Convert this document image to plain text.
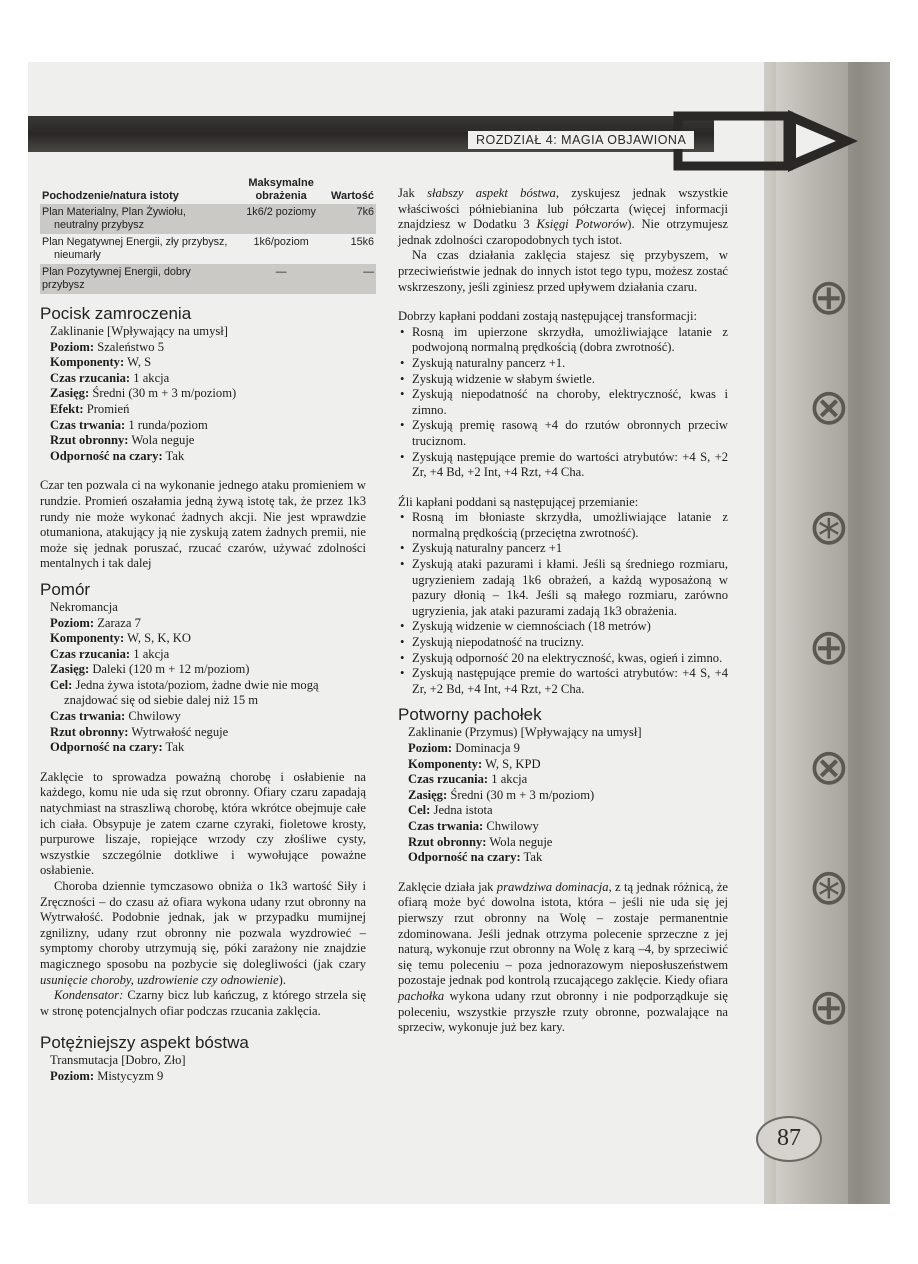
⊕
⊗
⊛
⊕
⊗
⊛
⊕
ROZDZIAŁ 4: MAGIA OBJAWIONA
Pochodzenie/natura istoty	Maksymalne obrażenia	Wartość
Plan Materialny, Plan Żywiołu,
neutralny przybysz	1k6/2 poziomy	7k6
Plan Negatywnej Energii, zły przybysz,
nieumarły	1k6/poziom	15k6
Plan Pozytywnej Energii, dobry przybysz	—	—
Pocisk zamroczenia
Zaklinanie [Wpływający na umysł]
Poziom: Szaleństwo 5
Komponenty: W, S
Czas rzucania: 1 akcja
Zasięg: Średni (30 m + 3 m/poziom)
Efekt: Promień
Czas trwania: 1 runda/poziom
Rzut obronny: Wola neguje
Odporność na czary: Tak

Czar ten pozwala ci na wykonanie jednego ataku promieniem w rundzie. Promień oszałamia jedną żywą istotę tak, że przez 1k3 rundy nie może wykonać żadnych akcji. Nie jest wprawdzie otumaniona, atakujący ją nie zyskują zatem żadnych premii, nie może się jednak poruszać, rzucać czarów, używać zdolności mentalnych i tak dalej

Pomór
Nekromancja
Poziom: Zaraza 7
Komponenty: W, S, K, KO
Czas rzucania: 1 akcja
Zasięg: Daleki (120 m + 12 m/poziom)
Cel: Jedna żywa istota/poziom, żadne dwie nie mogą znajdować się od siebie dalej niż 15 m
Czas trwania: Chwilowy
Rzut obronny: Wytrwałość neguje
Odporność na czary: Tak

Zaklęcie to sprowadza poważną chorobę i osłabienie na każdego, komu nie uda się rzut obronny. Ofiary czaru zapadają natychmiast na straszliwą chorobę, która wkrótce obejmuje całe ich ciała. Obsypuje je zatem czarne czyraki, fioletowe krosty, purpurowe liszaje, ropiejące wrzody czy złośliwe cysty, wszystkie szczególnie dotkliwe i wywołujące poważne osłabienie.

Choroba dziennie tymczasowo obniża o 1k3 wartość Siły i Zręczności – do czasu aż ofiara wykona udany rzut obronny na Wytrwałość. Podobnie jednak, jak w przypadku mumijnej zgnilizny, udany rzut obronny nie pozwala wyzdrowieć – symptomy choroby utrzymują się, póki zarażony nie znajdzie magicznego sposobu na pozbycie się dolegliwości (jak czary usunięcie choroby, uzdrowienie czy odnowienie).

Kondensator: Czarny bicz lub kańczug, z którego strzela się w stronę potencjalnych ofiar podczas rzucania zaklęcia.

Potężniejszy aspekt bóstwa
Transmutacja [Dobro, Zło]
Poziom: Mistycyzm 9

Jak słabszy aspekt bóstwa, zyskujesz jednak wszystkie właściwości półniebianina lub półczarta (więcej informacji znajdziesz w Dodatku 3 Księgi Potworów). Nie otrzymujesz jednak zdolności czaropodobnych tych istot.

Na czas działania zaklęcia stajesz się przybyszem, w przeciwieństwie jednak do innych istot tego typu, możesz zostać wskrzeszony, jeśli zginiesz przed upływem działania czaru.

Dobrzy kapłani poddani zostają następującej transformacji:

• Rosną im upierzone skrzydła, umożliwiające latanie z podwojoną normalną prędkością (dobra zwrotność).
• Zyskują naturalny pancerz +1.
• Zyskują widzenie w słabym świetle.
• Zyskują niepodatność na choroby, elektryczność, kwas i zimno.
• Zyskują premię rasową +4 do rzutów obronnych przeciw truciznom.
• Zyskują następujące premie do wartości atrybutów: +4 S, +2 Zr, +4 Bd, +2 Int, +4 Rzt, +4 Cha.

Źli kapłani poddani są następującej przemianie:

• Rosną im błoniaste skrzydła, umożliwiające latanie z normalną prędkością (przeciętna zwrotność).
• Zyskują naturalny pancerz +1
• Zyskują ataki pazurami i kłami. Jeśli są średniego rozmiaru, ugryzieniem zadają 1k6 obrażeń, a każdą wyposażoną w pazury dłonią – 1k4. Jeśli są małego rozmiaru, zarówno ugryzienia, jak ataki pazurami zadają 1k3 obrażenia.
• Zyskują widzenie w ciemnościach (18 metrów)
• Zyskują niepodatność na trucizny.
• Zyskują odporność 20 na elektryczność, kwas, ogień i zimno.
• Zyskują następujące premie do wartości atrybutów: +4 S, +4 Zr, +2 Bd, +4 Int, +4 Rzt, +2 Cha.
Potworny pachołek
Zaklinanie (Przymus) [Wpływający na umysł]
Poziom: Dominacja 9
Komponenty: W, S, KPD
Czas rzucania: 1 akcja
Zasięg: Średni (30 m + 3 m/poziom)
Cel: Jedna istota
Czas trwania: Chwilowy
Rzut obronny: Wola neguje
Odporność na czary: Tak

Zaklęcie działa jak prawdziwa dominacja, z tą jednak różnicą, że ofiarą może być dowolna istota, która – jeśli nie uda się jej pierwszy rzut obronny na Wolę – zostaje permanentnie zdominowana. Jeśli jednak otrzyma polecenie sprzeczne z jej naturą, wykonuje rzut obronny na Wolę z karą –4, by sprzeciwić się temu poleceniu – poza jednorazowym nieposłuszeństwem pozostaje jednak pod kontrolą rzucającego zaklęcie. Kiedy ofiara pachołka wykona udany rzut obronny i nie podporządkuje się poleceniu, wszystkie przyszłe rzuty obronne, pozwalające na sprzeciw, wykonuje już bez kary.

87
